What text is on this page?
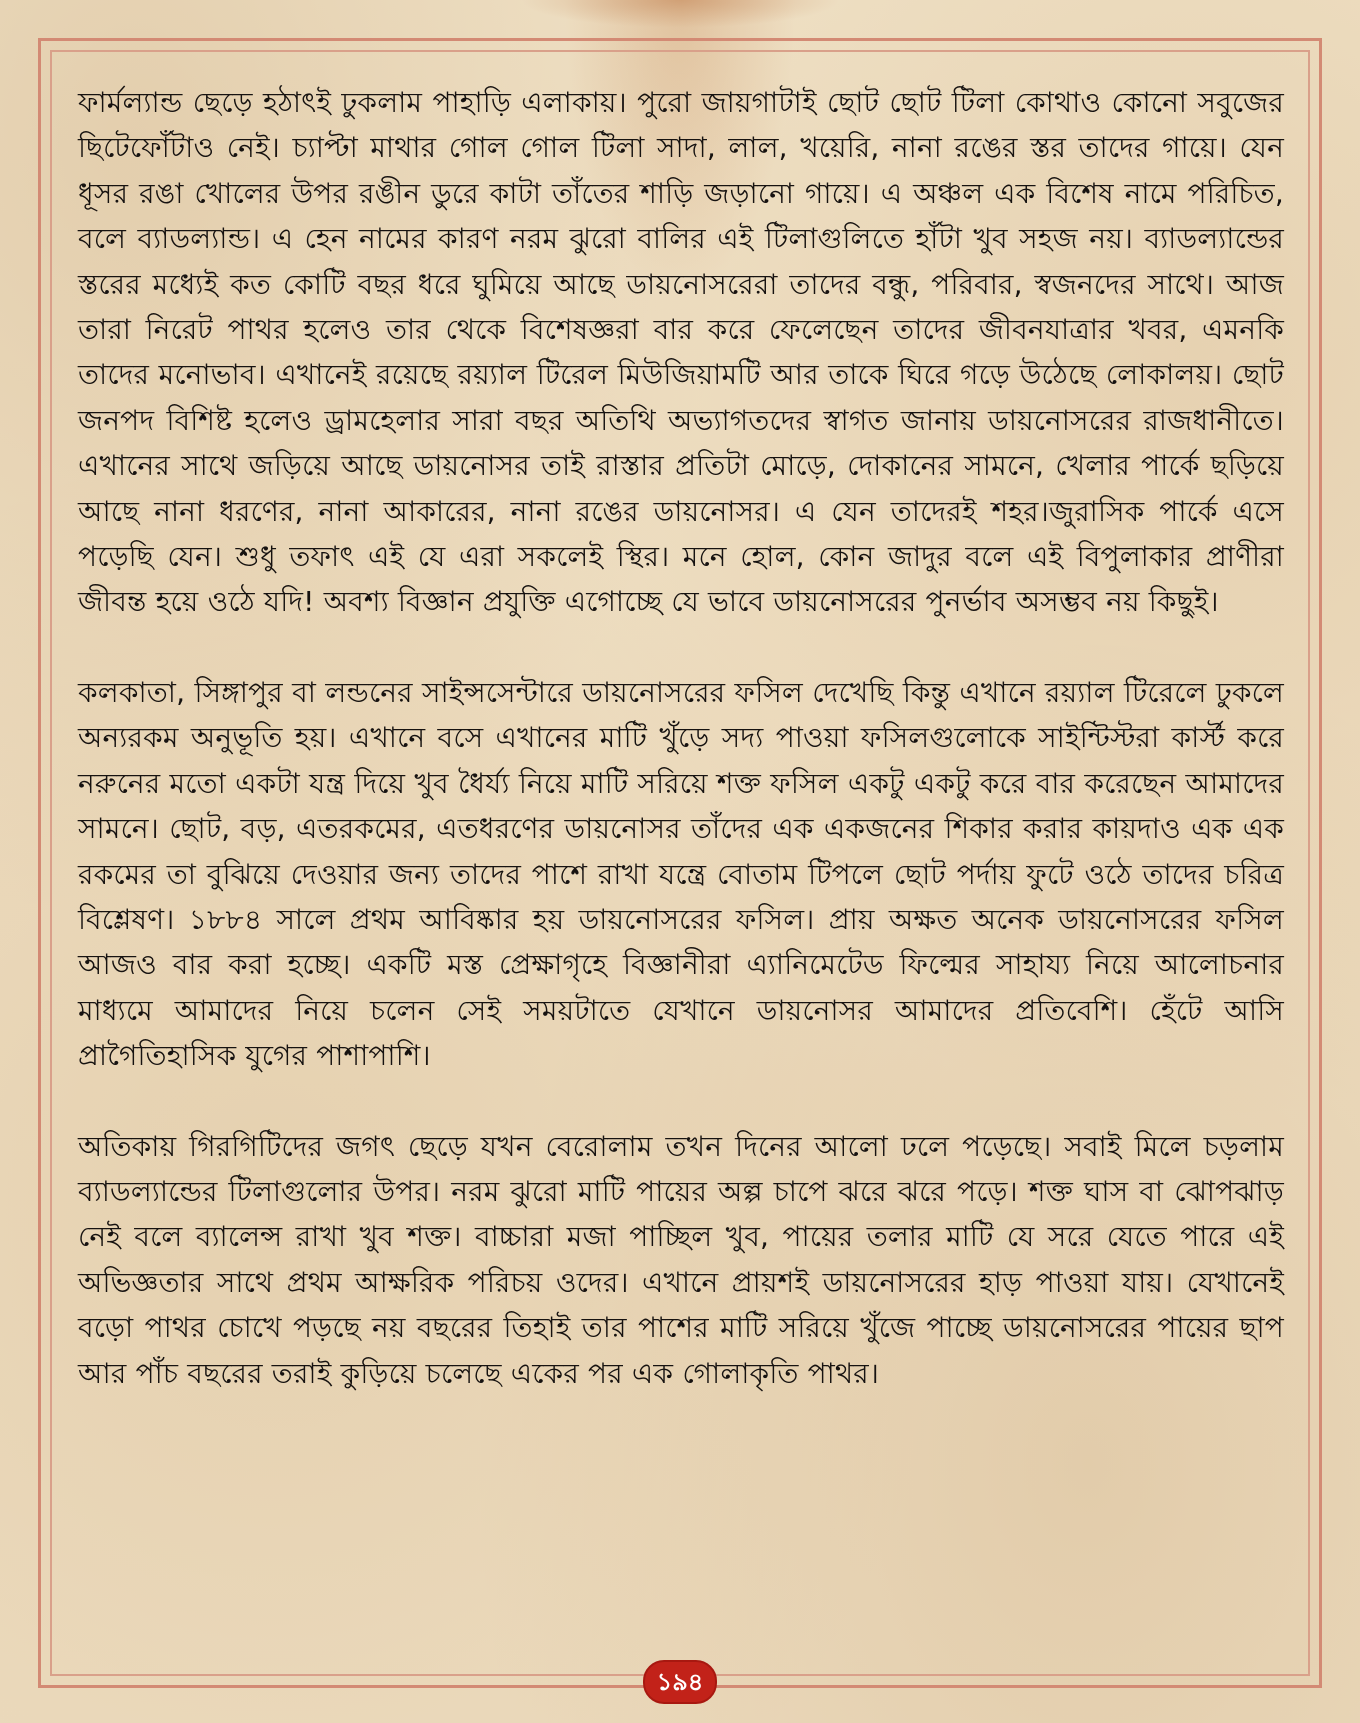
ফার্মল্যান্ড ছেড়ে হঠাৎই ঢুকলাম পাহাড়ি এলাকায়। পুরো জায়গাটাই ছোট ছোট টিলা কোথাও কোনো সবুজের ছিটেফোঁটাও নেই। চ্যাপ্টা মাথার গোল গোল টিলা সাদা, লাল, খয়েরি, নানা রঙের স্তর তাদের গায়ে। যেন ধূসর রঙা খোলের উপর রঙীন ডুরে কাটা তাঁতের শাড়ি জড়ানো গায়ে। এ অঞ্চল এক বিশেষ নামে পরিচিত, বলে ব্যাডল্যান্ড। এ হেন নামের কারণ নরম ঝুরো বালির এই টিলাগুলিতে হাঁটা খুব সহজ নয়। ব্যাডল্যান্ডের স্তরের মধ্যেই কত কোটি বছর ধরে ঘুমিয়ে আছে ডায়নোসরেরা তাদের বন্ধু, পরিবার, স্বজনদের সাথে। আজ তারা নিরেট পাথর হলেও তার থেকে বিশেষজ্ঞরা বার করে ফেলেছেন তাদের জীবনযাত্রার খবর, এমনকি তাদের মনোভাব। এখানেই রয়েছে রয়্যাল টিরেল মিউজিয়ামটি আর তাকে ঘিরে গড়ে উঠেছে লোকালয়। ছোট জনপদ বিশিষ্ট হলেও ড্রামহেলার সারা বছর অতিথি অভ্যাগতদের স্বাগত জানায় ডায়নোসরের রাজধানীতে। এখানের সাথে জড়িয়ে আছে ডায়নোসর তাই রাস্তার প্রতিটা মোড়ে, দোকানের সামনে, খেলার পার্কে ছড়িয়ে আছে নানা ধরণের, নানা আকারের, নানা রঙের ডায়নোসর। এ যেন তাদেরই শহর।জুরাসিক পার্কে এসে পড়েছি যেন। শুধু তফাৎ এই যে এরা সকলেই স্থির। মনে হোল, কোন জাদুর বলে এই বিপুলাকার প্রাণীরা জীবন্ত হয়ে ওঠে যদি! অবশ্য বিজ্ঞান প্রযুক্তি এগোচ্ছে যে ভাবে ডায়নোসরের পুনর্ভাব অসম্ভব নয় কিছুই।

কলকাতা, সিঙ্গাপুর বা লন্ডনের সাইন্সসেন্টারে ডায়নোসরের ফসিল দেখেছি কিন্তু এখানে রয়্যাল টিরেলে ঢুকলে অন্যরকম অনুভূতি হয়। এখানে বসে এখানের মাটি খুঁড়ে সদ্য পাওয়া ফসিলগুলোকে সাইন্টিস্টরা কার্স্ট করে নরুনের মতো একটা যন্ত্র দিয়ে খুব ধৈর্য্য নিয়ে মাটি সরিয়ে শক্ত ফসিল একটু একটু করে বার করেছেন আমাদের সামনে। ছোট, বড়, এতরকমের, এতধরণের ডায়নোসর তাঁদের এক একজনের শিকার করার কায়দাও এক এক রকমের তা বুঝিয়ে দেওয়ার জন্য তাদের পাশে রাখা যন্ত্রে বোতাম টিপলে ছোট পর্দায় ফুটে ওঠে তাদের চরিত্র বিশ্লেষণ। ১৮৮৪ সালে প্রথম আবিষ্কার হয় ডায়নোসরের ফসিল। প্রায় অক্ষত অনেক ডায়নোসরের ফসিল আজও বার করা হচ্ছে। একটি মস্ত প্রেক্ষাগৃহে বিজ্ঞানীরা এ্যানিমেটেড ফিল্মের সাহায্য নিয়ে আলোচনার মাধ্যমে আমাদের নিয়ে চলেন সেই সময়টাতে যেখানে ডায়নোসর আমাদের প্রতিবেশি। হেঁটে আসি প্রাগৈতিহাসিক যুগের পাশাপাশি।

অতিকায় গিরগিটিদের জগৎ ছেড়ে যখন বেরোলাম তখন দিনের আলো ঢলে পড়েছে। সবাই মিলে চড়লাম ব্যাডল্যান্ডের টিলাগুলোর উপর। নরম ঝুরো মাটি পায়ের অল্প চাপে ঝরে ঝরে পড়ে। শক্ত ঘাস বা ঝোপঝাড় নেই বলে ব্যালেন্স রাখা খুব শক্ত। বাচ্চারা মজা পাচ্ছিল খুব, পায়ের তলার মাটি যে সরে যেতে পারে এই অভিজ্ঞতার সাথে প্রথম আক্ষরিক পরিচয় ওদের। এখানে প্রায়শই ডায়নোসরের হাড় পাওয়া যায়। যেখানেই বড়ো পাথর চোখে পড়ছে নয় বছরের তিহাই তার পাশের মাটি সরিয়ে খুঁজে পাচ্ছে ডায়নোসরের পায়ের ছাপ আর পাঁচ বছরের তরাই কুড়িয়ে চলেছে একের পর এক গোলাকৃতি পাথর।

১৯৪
